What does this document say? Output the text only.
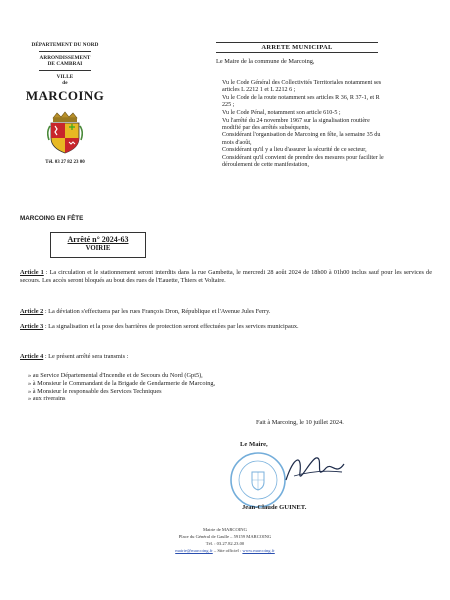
DÉPARTEMENT DU NORD
ARRONDISSEMENT
DE CAMBRAI
VILLE
de
MARCOING
Tél. 03 27 82 23 00
ARRETE MUNICIPAL
Le Maire de la commune de Marcoing,

Vu le Code Général des Collectivités Territoriales notamment ses articles L 2212 1 et L 2212 6 ;

Vu le Code de la route notamment ses articles R 36, R 37-1, et R 225 ;

Vu le Code Pénal, notamment son article 610-5 ;

Vu l'arrêté du 24 novembre 1967 sur la signalisation routière modifié par des arrêtés subséquents,

Considérant l'organisation de Marcoing en fête, la semaine 35 du mois d'août,

Considérant qu'il y a lieu d'assurer la sécurité de ce secteur,

Considérant qu'il convient de prendre des mesures pour faciliter le déroulement de cette manifestation,

MARCOING EN FÊTE
Arrêté n° 2024-63
VOIRIE
Article 1 : La circulation et le stationnement seront interdits dans la rue Gambetta, le mercredi 28 août 2024 de 18h00 à 01h00 inclus sauf pour les services de secours. Les accès seront bloqués au bout des rues de l'Eauette, Thiers et Voltaire.
Article 2 : La déviation s'effectuera par les rues François Dron, République et l'Avenue Jules Ferry.
Article 3 : La signalisation et la pose des barrières de protection seront effectuées par les services municipaux.
Article 4 : Le présent arrêté sera transmis :
» au Service Départemental d'Incendie et de Secours du Nord (Gpt5),
» à Monsieur le Commandant de la Brigade de Gendarmerie de Marcoing,
» à Monsieur le responsable des Services Techniques
» aux riverains
Fait à Marcoing, le 10 juillet 2024.
Le Maire,
Jean-Claude GUINET.
Mairie de MARCOING
Place du Général de Gaulle – 59159 MARCOING
Tél. : 03.27.82.23.00
mairie@marcoing.fr – Site officiel : www.marcoing.fr
